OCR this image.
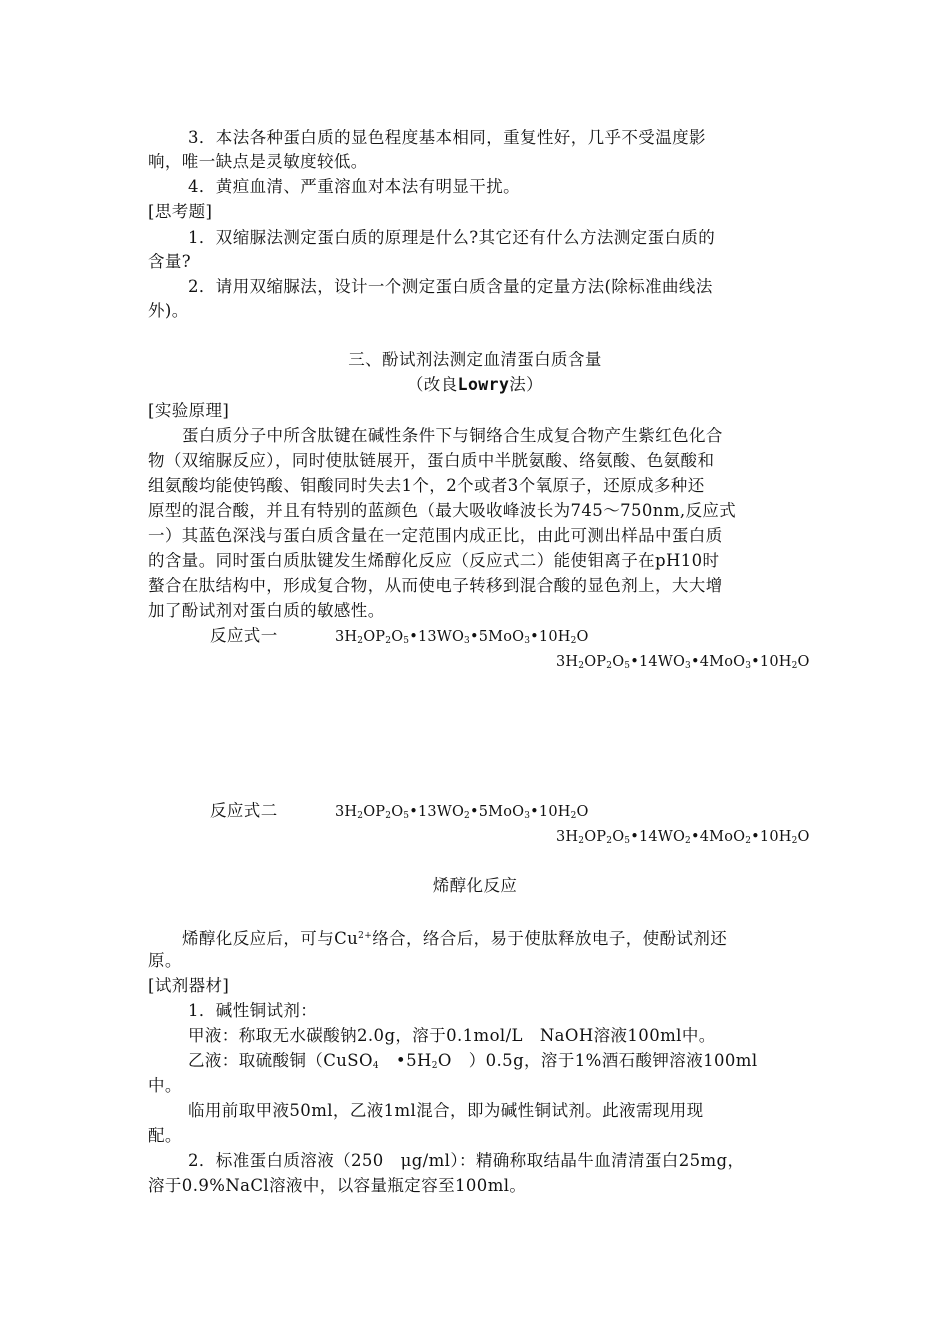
3．本法各种蛋白质的显色程度基本相同，重复性好，几乎不受温度影
响，唯一缺点是灵敏度较低。
4．黄疸血清、严重溶血对本法有明显干扰。
[思考题]
1．双缩脲法测定蛋白质的原理是什么?其它还有什么方法测定蛋白质的
含量?
2．请用双缩脲法，设计一个测定蛋白质含量的定量方法(除标准曲线法
外)。
三、酚试剂法测定血清蛋白质含量
（改良Lowry法）
[实验原理]
蛋白质分子中所含肽键在碱性条件下与铜络合生成复合物产生紫红色化合
物（双缩脲反应），同时使肽链展开，蛋白质中半胱氨酸、络氨酸、色氨酸和
组氨酸均能使钨酸、钼酸同时失去1个，2个或者3个氧原子，还原成多种还
原型的混合酸，并且有特别的蓝颜色（最大吸收峰波长为745～750nm,反应式
一）其蓝色深浅与蛋白质含量在一定范围内成正比，由此可测出样品中蛋白质
的含量。同时蛋白质肽键发生烯醇化反应（反应式二）能使钼离子在pH10时
螯合在肽结构中，形成复合物，从而使电子转移到混合酸的显色剂上，大大增
加了酚试剂对蛋白质的敏感性。
反应式一	$3H_2OP_2O_5•13WO_3•5MoO_3•10H_2O$
$3H_2OP_2O_5•14WO_3•4MoO_3•10H_2O$
反应式二	$3H_2OP_2O_5•13WO_2•5MoO_3•10H_2O$
$3H_2OP_2O_5•14WO_2•4MoO_2•10H_2O$
烯醇化反应
烯醇化反应后，可与$Cu^{2+}$络合，络合后，易于使肽释放电子，使酚试剂还
原。
[试剂器材]
1．碱性铜试剂：
甲液：称取无水碳酸钠2.0g，溶于0.1mol/L　NaOH溶液100ml中。
乙液：取硫酸铜（CuSO$_4$　$•5H_2O$　）0.5g，溶于1%酒石酸钾溶液100ml
中。
临用前取甲液50ml，乙液1ml混合，即为碱性铜试剂。此液需现用现
配。
2．标准蛋白质溶液（250　μg/ml）：精确称取结晶牛血清清蛋白25mg，
溶于0.9%NaCl溶液中，以容量瓶定容至100ml。
